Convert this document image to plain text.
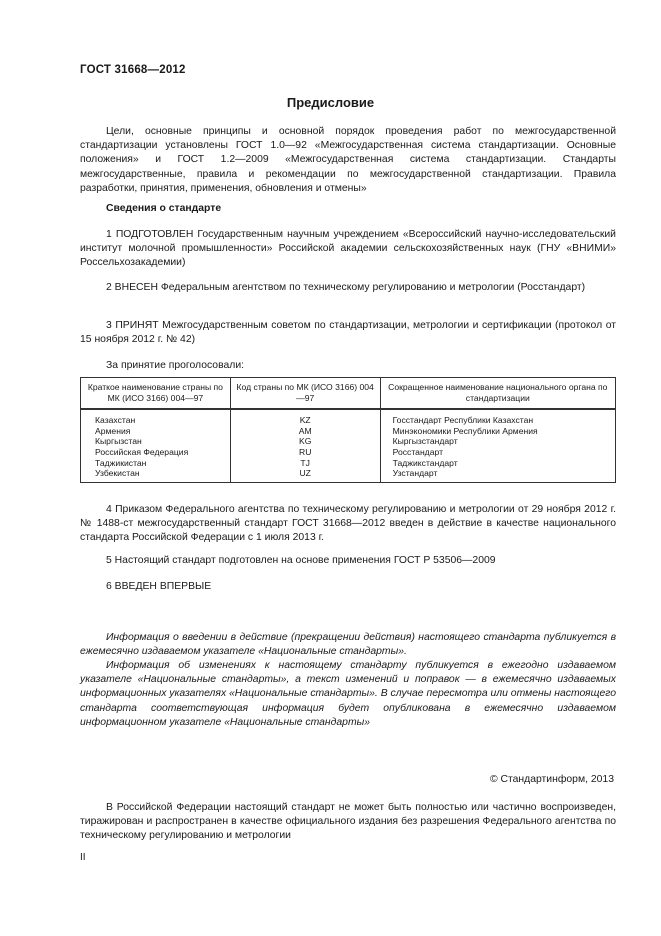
ГОСТ 31668—2012
Предисловие

Цели, основные принципы и основной порядок проведения работ по межгосударственной стандартизации установлены ГОСТ 1.0—92 «Межгосударственная система стандартизации. Основные положения» и ГОСТ 1.2—2009 «Межгосударственная система стандартизации. Стандарты межгосударственные, правила и рекомендации по межгосударственной стандартизации. Правила разработки, принятия, применения, обновления и отмены»

Сведения о стандарте

1 ПОДГОТОВЛЕН Государственным научным учреждением «Всероссийский научно-исследовательский институт молочной промышленности» Российской академии сельскохозяйственных наук (ГНУ «ВНИМИ» Россельхозакадемии)

2 ВНЕСЕН Федеральным агентством по техническому регулированию и метрологии (Росстандарт)

3 ПРИНЯТ Межгосударственным советом по стандартизации, метрологии и сертификации (протокол от 15 ноября 2012 г. № 42)

За принятие проголосовали:
Краткое наименование страны по МК (ИСО 3166) 004—97	Код страны по МК (ИСО 3166) 004—97	Сокращенное наименование национального органа по стандартизации
Казахстан	KZ	Госстандарт Республики Казахстан
Армения	AM	Минэкономики Республики Армения
Кыргызстан	KG	Кыргызстандарт
Российская Федерация	RU	Росстандарт
Таджикистан	TJ	Таджикстандарт
Узбекистан	UZ	Узстандарт

4 Приказом Федерального агентства по техническому регулированию и метрологии от 29 ноября 2012 г. № 1488-ст межгосударственный стандарт ГОСТ 31668—2012 введен в действие в качестве национального стандарта Российской Федерации с 1 июля 2013 г.

5 Настоящий стандарт подготовлен на основе применения ГОСТ Р 53506—2009

6 ВВЕДЕН ВПЕРВЫЕ

Информация о введении в действие (прекращении действия) настоящего стандарта публикуется в ежемесячно издаваемом указателе «Национальные стандарты».

Информация об изменениях к настоящему стандарту публикуется в ежегодно издаваемом указателе «Национальные стандарты», а текст изменений и поправок — в ежемесячно издаваемых информационных указателях «Национальные стандарты». В случае пересмотра или отмены настоящего стандарта соответствующая информация будет опубликована в ежемесячно издаваемом информационном указателе «Национальные стандарты»

© Стандартинформ, 2013

В Российской Федерации настоящий стандарт не может быть полностью или частично воспроизведен, тиражирован и распространен в качестве официального издания без разрешения Федерального агентства по техническому регулированию и метрологии

II
